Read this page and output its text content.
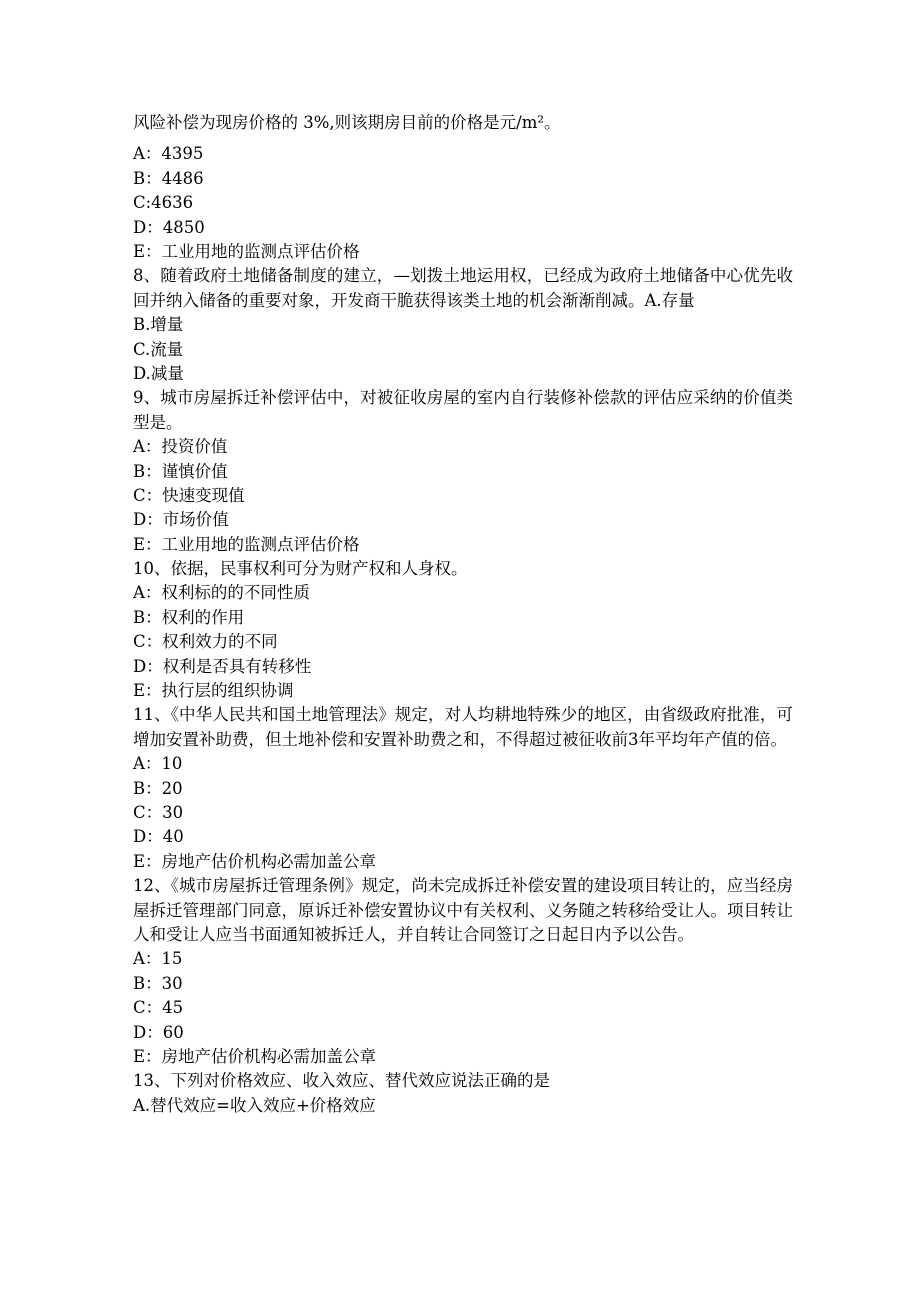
风险补偿为现房价格的 3%,则该期房目前的价格是元/m²。
A：4395
B：4486
C:4636
D：4850
E：工业用地的监测点评估价格
8、随着政府土地储备制度的建立，—划拨土地运用权，已经成为政府土地储备中心优先收回并纳入储备的重要对象，开发商干脆获得该类土地的机会渐渐削减。A.存量
B.增量
C.流量
D.减量
9、城市房屋拆迁补偿评估中，对被征收房屋的室内自行装修补偿款的评估应采纳的价值类型是。
A：投资价值
B：谨慎价值
C：快速变现值
D：市场价值
E：工业用地的监测点评估价格
10、依据，民事权利可分为财产权和人身权。
A：权利标的的不同性质
B：权利的作用
C：权利效力的不同
D：权利是否具有转移性
E：执行层的组织协调
11、《中华人民共和国土地管理法》规定，对人均耕地特殊少的地区，由省级政府批准，可增加安置补助费，但土地补偿和安置补助费之和，不得超过被征收前3年平均年产值的倍。
A：10
B：20
C：30
D：40
E：房地产估价机构必需加盖公章
12、《城市房屋拆迁管理条例》规定，尚未完成拆迁补偿安置的建设项目转让的，应当经房屋拆迁管理部门同意，原诉迁补偿安置协议中有关权利、义务随之转移给受让人。项目转让人和受让人应当书面通知被拆迁人，并自转让合同签订之日起日内予以公告。
A：15
B：30
C：45
D：60
E：房地产估价机构必需加盖公章
13、下列对价格效应、收入效应、替代效应说法正确的是
A.替代效应=收入效应+价格效应
